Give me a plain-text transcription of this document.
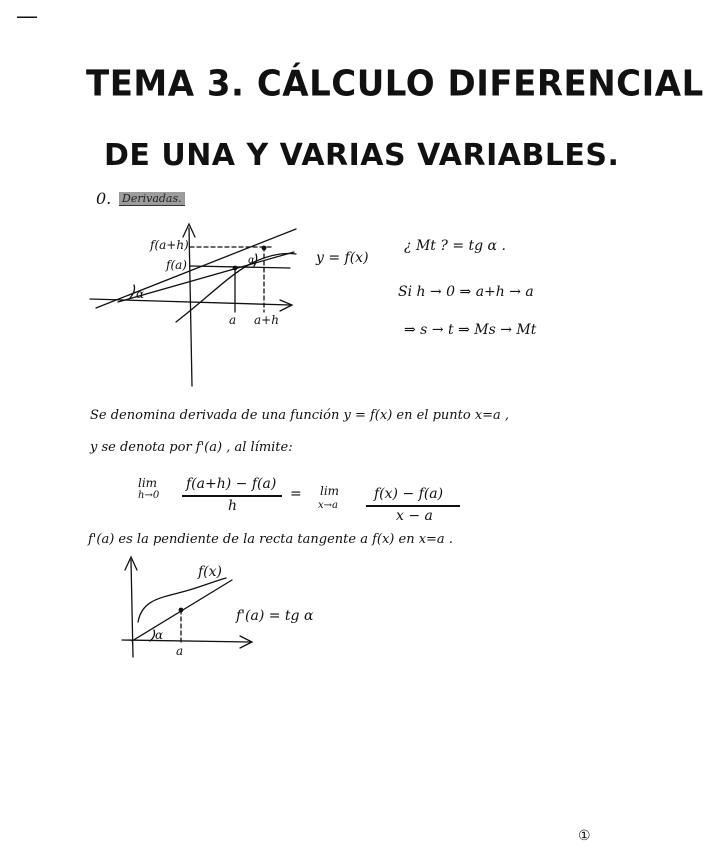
—
TEMA 3. CÁLCULO DIFERENCIAL
DE UNA Y VARIAS VARIABLES.
0. Derivadas.
f(a+h)
f(a)
a a+h
α
α	y = f(x)
¿ Mt ? = tg α .
Si h → 0 ⇒ a+h → a
⇒ s → t ⇒ Ms → Mt
Se denomina derivada de una función y = f(x) en el punto x=a ,
y se denota por f'(a) , al límite:
lim
h→0
f(a+h) − f(a)
h
= lim
x→a
f(x) − f(a)
x − a
f'(a) es la pendiente de la recta tangente a f(x) en x=a .
f(x)
f'(a) = tg α
a
α
①
